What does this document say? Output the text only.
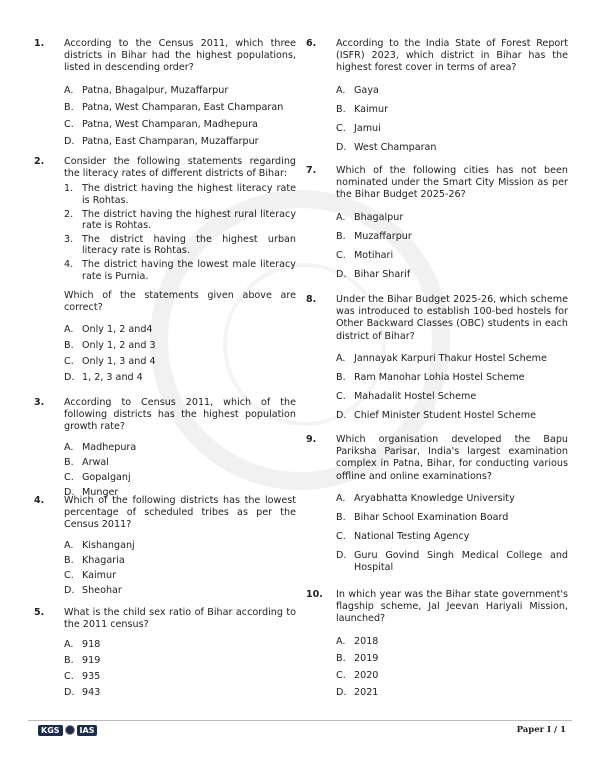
1. According to the Census 2011, which three districts in Bihar had the highest populations, listed in descending order?

A. Patna, Bhagalpur, Muzaffarpur
B. Patna, West Champaran, East Champaran
C. Patna, West Champaran, Madhepura
D. Patna, East Champaran, Muzaffarpur
2. Consider the following statements regarding the literacy rates of different districts of Bihar:

1. The district having the highest literacy rate is Rohtas.
2. The district having the highest rural literacy rate is Rohtas.
3. The district having the highest urban literacy rate is Rohtas.
4. The district having the lowest male literacy rate is Purnia.

Which of the statements given above are correct?

A. Only 1, 2 and4
B. Only 1, 2 and 3
C. Only 1, 3 and 4
D. 1, 2, 3 and 4
3. According to Census 2011, which of the following districts has the highest population growth rate?

A. Madhepura
B. Arwal
C. Gopalganj
D. Munger
4. Which of the following districts has the lowest percentage of scheduled tribes as per the Census 2011?

A. Kishanganj
B. Khagaria
C. Kaimur
D. Sheohar
5. What is the child sex ratio of Bihar according to the 2011 census?

A. 918
B. 919
C. 935
D. 943
6. According to the India State of Forest Report (ISFR) 2023, which district in Bihar has the highest forest cover in terms of area?

A. Gaya
B. Kaimur
C. Jamui
D. West Champaran
7. Which of the following cities has not been nominated under the Smart City Mission as per the Bihar Budget 2025-26?

A. Bhagalpur
B. Muzaffarpur
C. Motihari
D. Bihar Sharif
8. Under the Bihar Budget 2025-26, which scheme was introduced to establish 100-bed hostels for Other Backward Classes (OBC) students in each district of Bihar?

A. Jannayak Karpuri Thakur Hostel Scheme
B. Ram Manohar Lohia Hostel Scheme
C. Mahadalit Hostel Scheme
D. Chief Minister Student Hostel Scheme
9. Which organisation developed the Bapu Pariksha Parisar, India's largest examination complex in Patna, Bihar, for conducting various offline and online examinations?

A. Aryabhatta Knowledge University
B. Bihar School Examination Board
C. National Testing Agency
D. Guru Govind Singh Medical College and Hospital
10. In which year was the Bihar state government's flagship scheme, Jal Jeevan Hariyali Mission, launched?

A. 2018
B. 2019
C. 2020
D. 2021
KGS	IAS	Paper I / 1
